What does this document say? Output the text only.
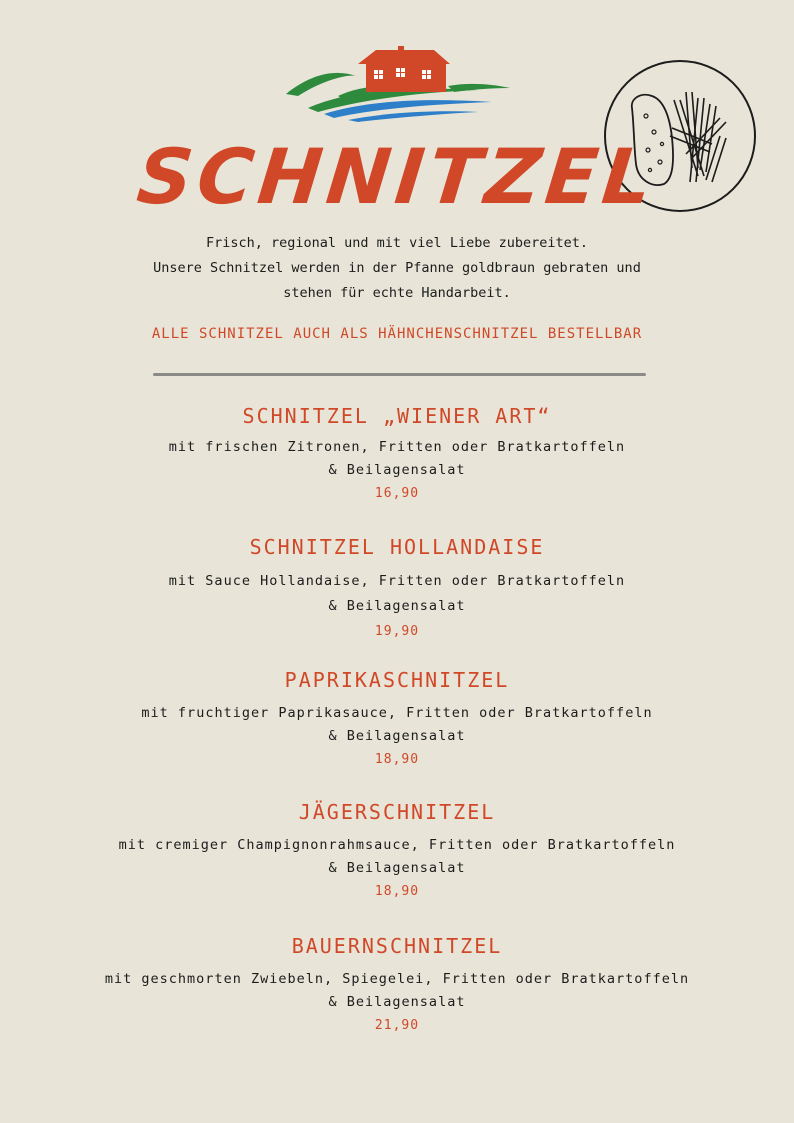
SCHNITZEL
Frisch, regional und mit viel Liebe zubereitet.
Unsere Schnitzel werden in der Pfanne goldbraun gebraten und
stehen für echte Handarbeit.
ALLE SCHNITZEL AUCH ALS HÄHNCHENSCHNITZEL BESTELLBAR
SCHNITZEL „WIENER ART“
mit frischen Zitronen, Fritten oder Bratkartoffeln
& Beilagensalat
16,90
SCHNITZEL HOLLANDAISE
mit Sauce Hollandaise, Fritten oder Bratkartoffeln
& Beilagensalat
19,90
PAPRIKASCHNITZEL
mit fruchtiger Paprikasauce, Fritten oder Bratkartoffeln
& Beilagensalat
18,90
JÄGERSCHNITZEL
mit cremiger Champignonrahmsauce, Fritten oder Bratkartoffeln
& Beilagensalat
18,90
BAUERNSCHNITZEL
mit geschmorten Zwiebeln, Spiegelei, Fritten oder Bratkartoffeln
& Beilagensalat
21,90
